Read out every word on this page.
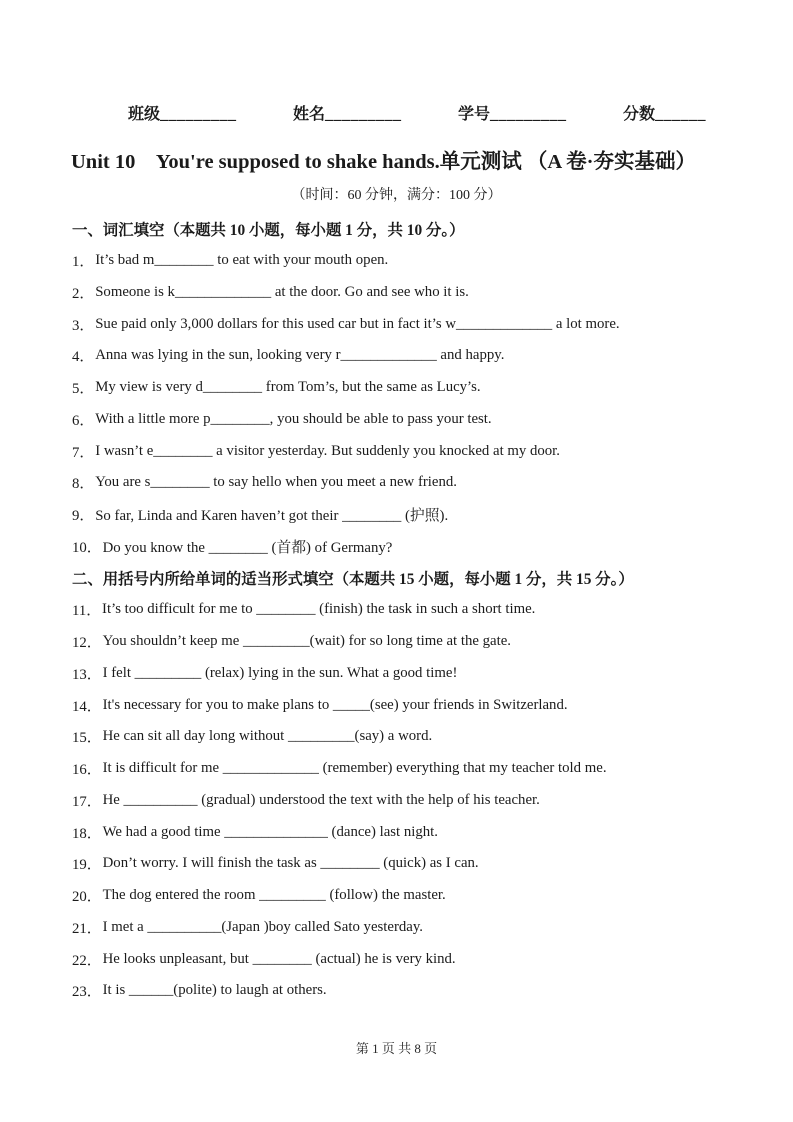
班级_________	姓名_________	学号_________	分数______
Unit 10　You're supposed to shake hands.单元测试 （A 卷·夯实基础）
（时间：60 分钟，满分：100 分）
一、词汇填空（本题共 10 小题，每小题 1 分，共 10 分。）
1． It’s bad m________ to eat with your mouth open.
2． Someone is k_____________ at the door. Go and see who it is.
3． Sue paid only 3,000 dollars for this used car but in fact it’s w_____________ a lot more.
4． Anna was lying in the sun, looking very r_____________ and happy.
5． My view is very d________ from Tom’s, but the same as Lucy’s.
6． With a little more p________, you should be able to pass your test.
7． I wasn’t e________ a visitor yesterday. But suddenly you knocked at my door.
8． You are s________ to say hello when you meet a new friend.
9． So far, Linda and Karen haven’t got their ________ (护照).
10． Do you know the ________ (首都) of Germany?
二、用括号内所给单词的适当形式填空（本题共 15 小题，每小题 1 分，共 15 分。）
11． It’s too difficult for me to ________ (finish) the task in such a short time.
12． You shouldn’t keep me _________(wait) for so long time at the gate.
13． I felt _________ (relax) lying in the sun. What a good time!
14． It's necessary for you to make plans to _____(see) your friends in Switzerland.
15． He can sit all day long without _________(say) a word.
16． It is difficult for me _____________ (remember) everything that my teacher told me.
17． He __________ (gradual) understood the text with the help of his teacher.
18． We had a good time ______________ (dance) last night.
19． Don’t worry. I will finish the task as ________ (quick) as I can.
20． The dog entered the room _________ (follow) the master.
21． I met a __________(Japan )boy called Sato yesterday.
22． He looks unpleasant, but ________ (actual) he is very kind.
23． It is ______(polite) to laugh at others.
第 1 页 共 8 页
